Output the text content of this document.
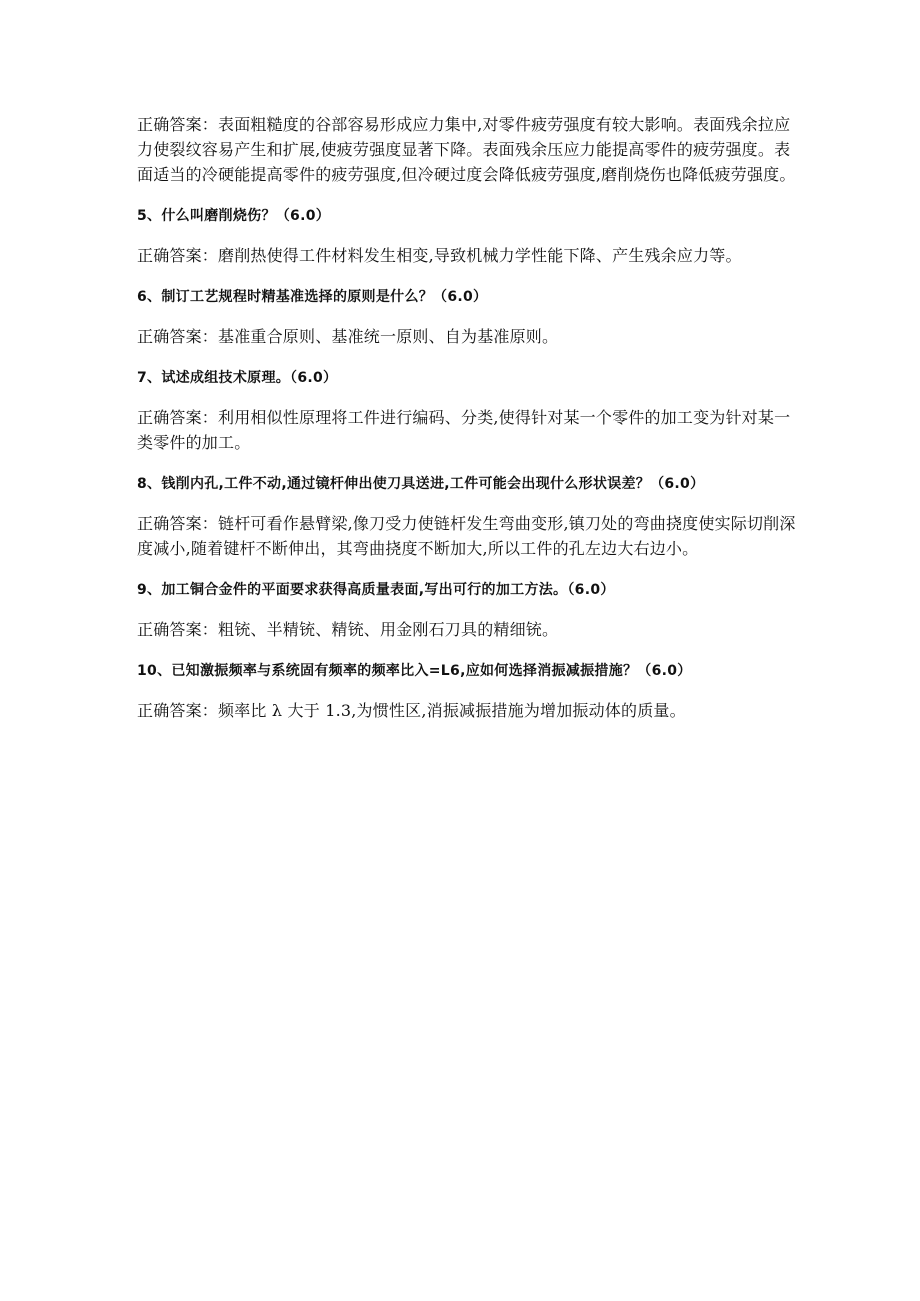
正确答案：表面粗糙度的谷部容易形成应力集中,对零件疲劳强度有较大影响。表面残余拉应力使裂纹容易产生和扩展,使疲劳强度显著下降。表面残余压应力能提高零件的疲劳强度。表面适当的冷硬能提高零件的疲劳强度,但冷硬过度会降低疲劳强度,磨削烧伤也降低疲劳强度。

5、什么叫磨削烧伤？（6.0）

正确答案：磨削热使得工件材料发生相变,导致机械力学性能下降、产生残余应力等。

6、制订工艺规程时精基准选择的原则是什么？（6.0）

正确答案：基准重合原则、基准统一原则、自为基准原则。

7、试述成组技术原理。（6.0）

正确答案：利用相似性原理将工件进行编码、分类,使得针对某一个零件的加工变为针对某一类零件的加工。

8、钱削内孔,工件不动,通过镜杆伸出使刀具送进,工件可能会出现什么形状误差？（6.0）

正确答案：链杆可看作悬臂梁,像刀受力使链杆发生弯曲变形,镇刀处的弯曲挠度使实际切削深度减小,随着键杆不断伸出，其弯曲挠度不断加大,所以工件的孔左边大右边小。

9、加工铜合金件的平面要求获得高质量表面,写出可行的加工方法。（6.0）

正确答案：粗铳、半精铳、精铳、用金刚石刀具的精细铳。

10、已知激振频率与系统固有频率的频率比入=L6,应如何选择消振减振措施？（6.0）

正确答案：频率比 λ 大于 1.3,为惯性区,消振减振措施为增加振动体的质量。
